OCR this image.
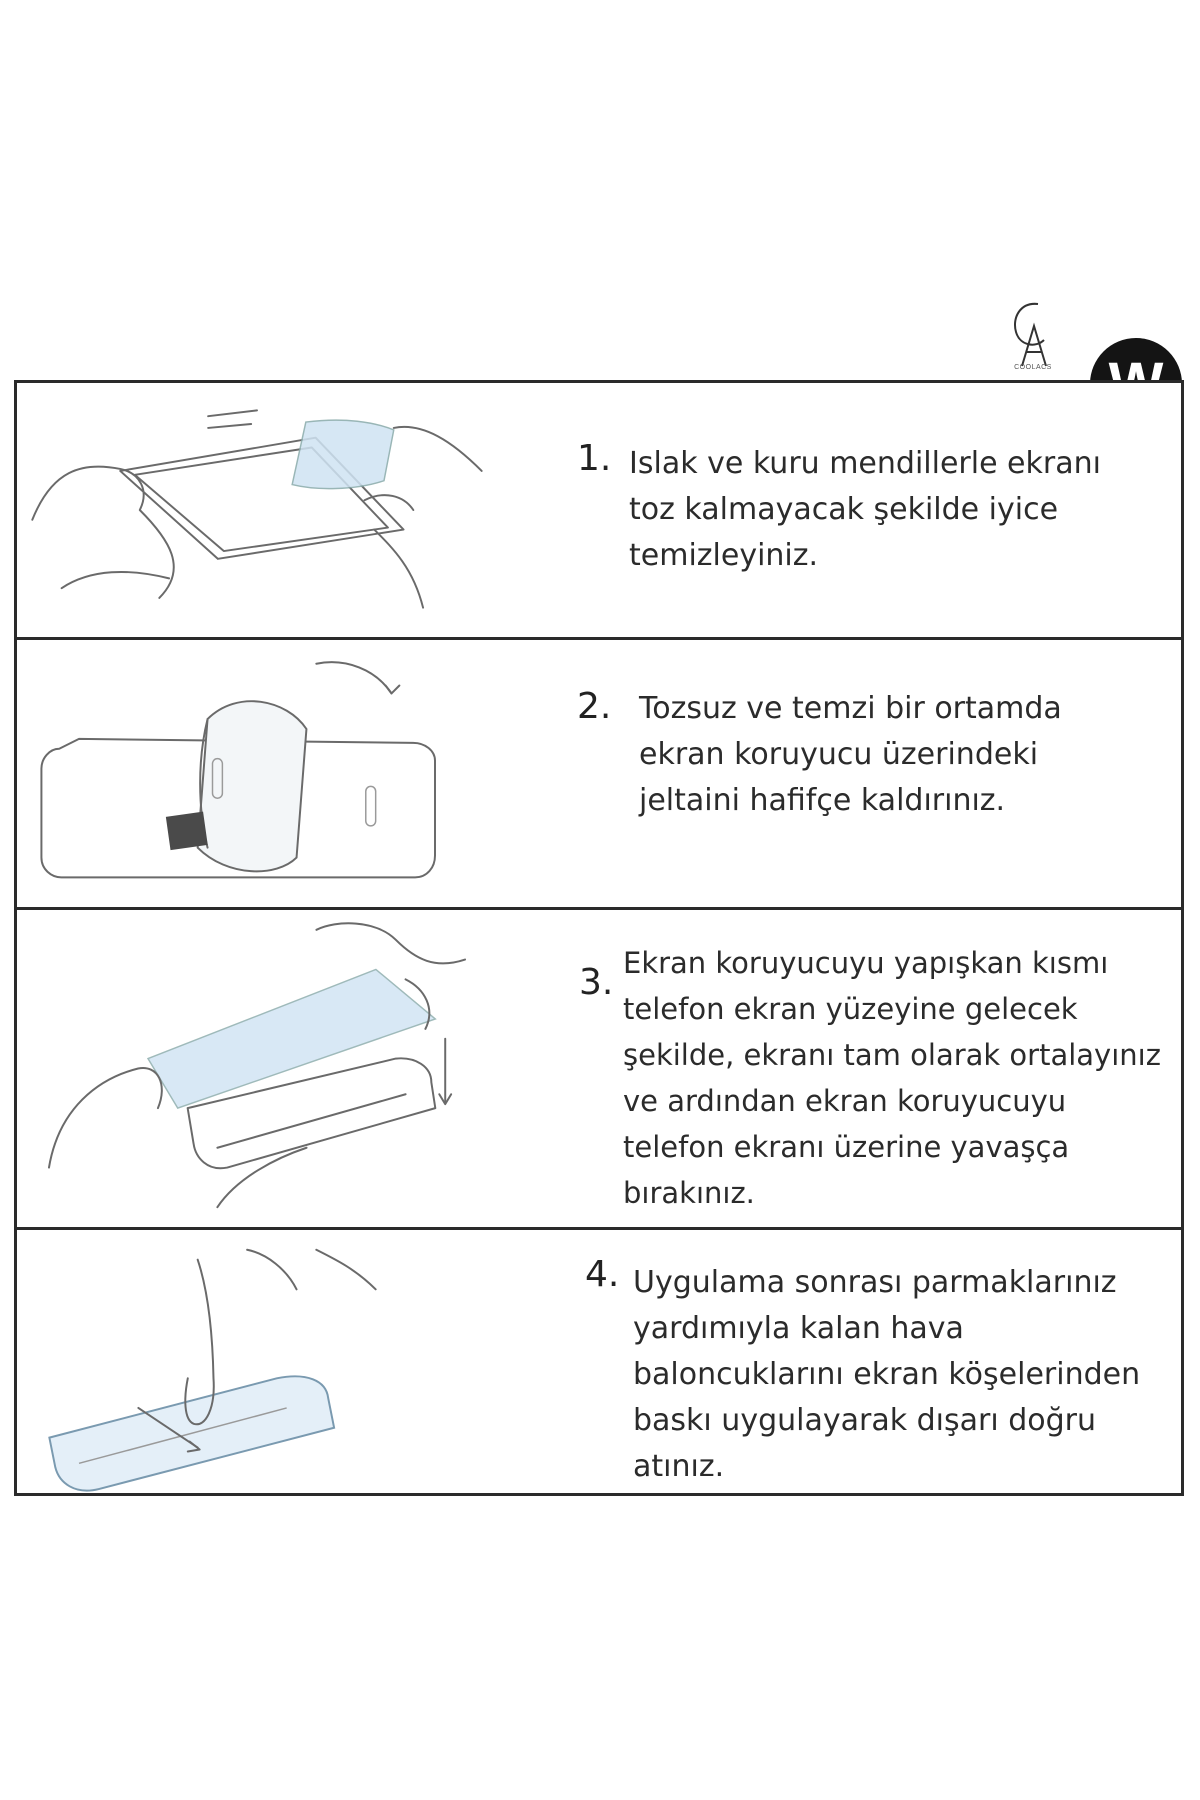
COOLACS
1. Islak ve kuru mendillerle ekranı
toz kalmayacak şekilde iyice
temizleyiniz.
2. Tozsuz ve temzi bir ortamda
ekran koruyucu üzerindeki
jeltaini hafifçe kaldırınız.
3. Ekran koruyucuyu yapışkan kısmı
telefon ekran yüzeyine gelecek
şekilde, ekranı tam olarak ortalayınız
ve ardından ekran koruyucuyu
telefon ekranı üzerine yavaşça
bırakınız.
4. Uygulama sonrası parmaklarınız
yardımıyla kalan hava
baloncuklarını ekran köşelerinden
baskı uygulayarak dışarı doğru
atınız.
